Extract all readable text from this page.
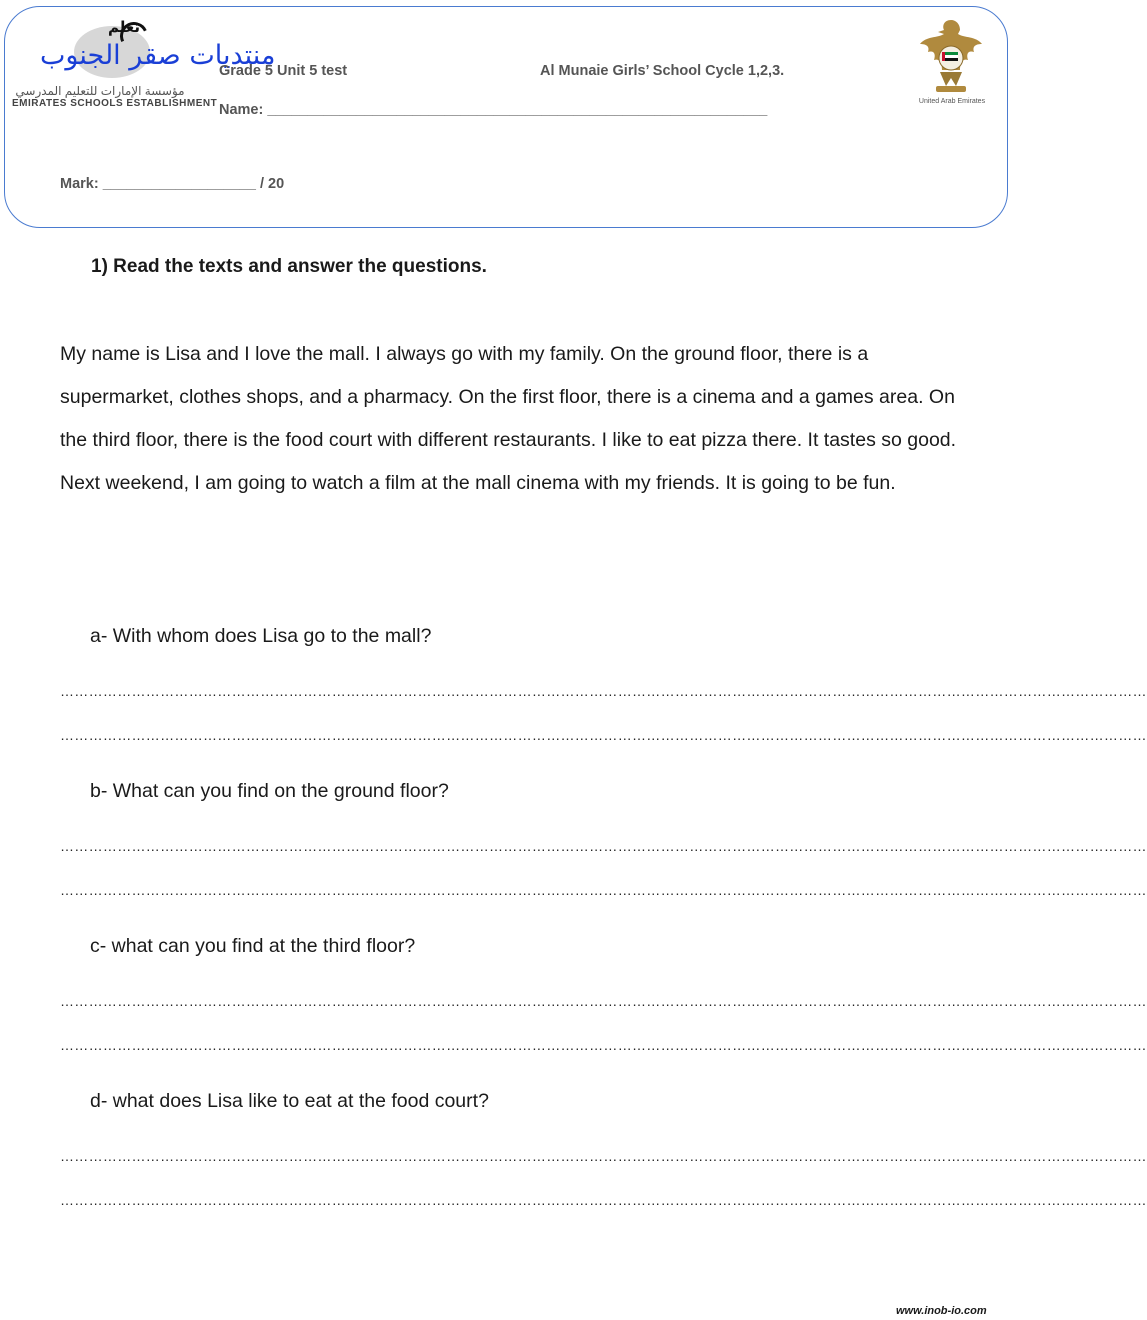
تعلم
منتديات صقر الجنوب
مؤسسة الإمارات للتعليم المدرسي
EMIRATES SCHOOLS ESTABLISHMENT
Grade 5 Unit 5 test	Al Munaie Girls’ School Cycle 1,2,3.
Name: ______________________________________________________________
Mark: ___________________ / 20
United Arab Emirates
1) Read the texts and answer the questions.

My name is Lisa and I love the mall. I always go with my family. On the ground floor, there is a supermarket, clothes shops, and a pharmacy. On the first floor, there is a cinema and a games area. On the third floor, there is the food court with different restaurants. I like to eat pizza there. It tastes so good. Next weekend, I am going to watch a film at the mall cinema with my friends. It is going to be fun.

a- With whom does Lisa go to the mall?
…………………………………………………………………………………………………………………………………………………………………………………………………………
…………………………………………………………………………………………………………………………………………………………………………………………………………
b- What can you find on the ground floor?
…………………………………………………………………………………………………………………………………………………………………………………………………………
…………………………………………………………………………………………………………………………………………………………………………………………………………
c- what can you find at the third floor?
…………………………………………………………………………………………………………………………………………………………………………………………………………
…………………………………………………………………………………………………………………………………………………………………………………………………………
d- what does Lisa like to eat at the food court?
…………………………………………………………………………………………………………………………………………………………………………………………………………
…………………………………………………………………………………………………………………………………………………………………………………………………………
www.inob-io.com
